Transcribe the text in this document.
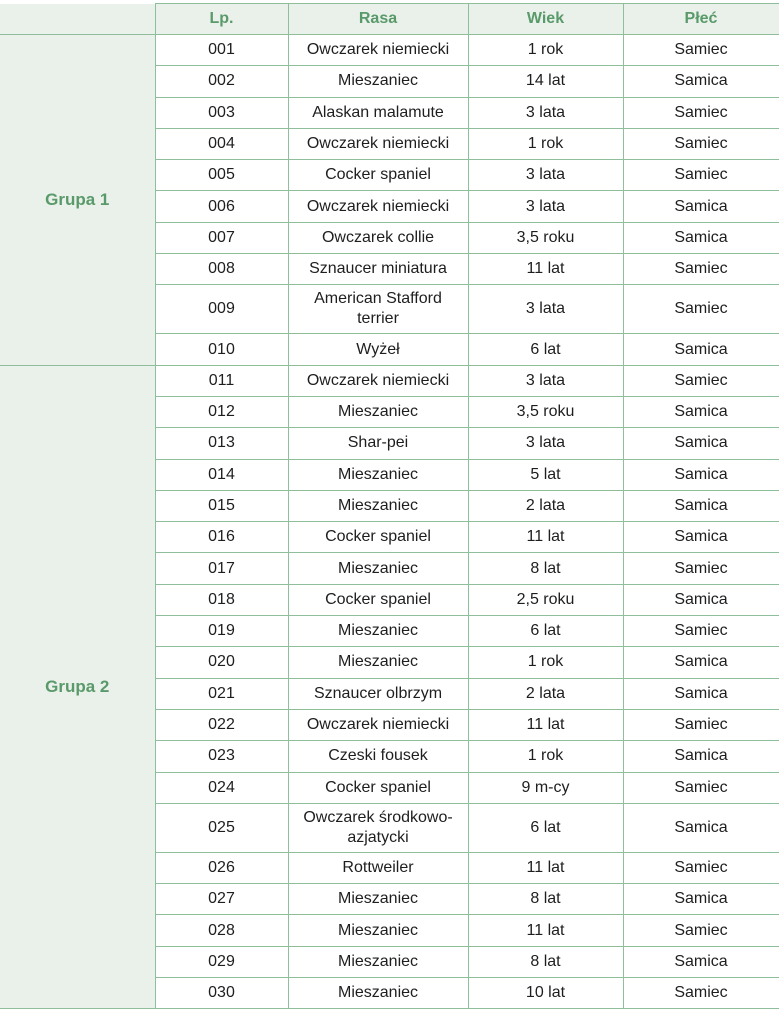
	Lp.	Rasa	Wiek	Płeć
Grupa 1	001	Owczarek niemiecki	1 rok	Samiec
	002	Mieszaniec	14 lat	Samica
	003	Alaskan malamute	3 lata	Samiec
	004	Owczarek niemiecki	1 rok	Samiec
	005	Cocker spaniel	3 lata	Samiec
	006	Owczarek niemiecki	3 lata	Samica
	007	Owczarek collie	3,5 roku	Samica
	008	Sznaucer miniatura	11 lat	Samiec
	009	American Stafford terrier	3 lata	Samiec
	010	Wyżeł	6 lat	Samica
Grupa 2	011	Owczarek niemiecki	3 lata	Samiec
	012	Mieszaniec	3,5 roku	Samica
	013	Shar-pei	3 lata	Samica
	014	Mieszaniec	5 lat	Samica
	015	Mieszaniec	2 lata	Samica
	016	Cocker spaniel	11 lat	Samica
	017	Mieszaniec	8 lat	Samiec
	018	Cocker spaniel	2,5 roku	Samica
	019	Mieszaniec	6 lat	Samiec
	020	Mieszaniec	1 rok	Samica
	021	Sznaucer olbrzym	2 lata	Samica
	022	Owczarek niemiecki	11 lat	Samiec
	023	Czeski fousek	1 rok	Samica
	024	Cocker spaniel	9 m-cy	Samiec
	025	Owczarek środkowo-azjatycki	6 lat	Samica
	026	Rottweiler	11 lat	Samiec
	027	Mieszaniec	8 lat	Samica
	028	Mieszaniec	11 lat	Samiec
	029	Mieszaniec	8 lat	Samica
	030	Mieszaniec	10 lat	Samiec
